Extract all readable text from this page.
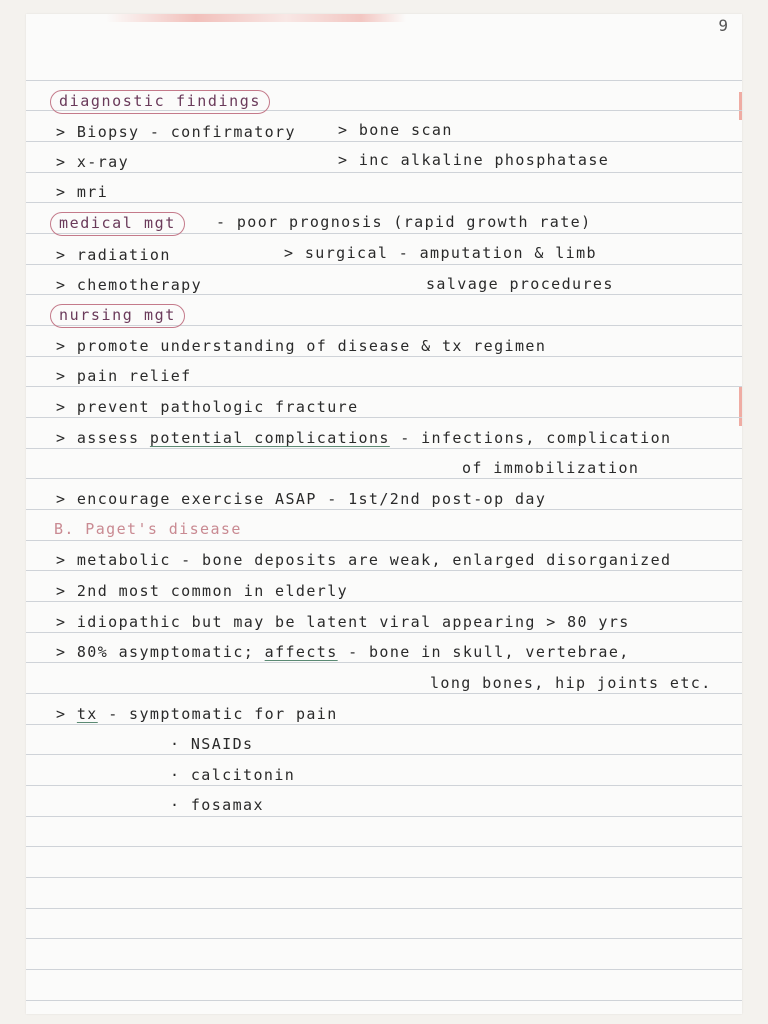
9
diagnostic findings
> Biopsy - confirmatory
> x-ray
> mri
> bone scan
> inc alkaline phosphatase
medical mgt	- poor prognosis (rapid growth rate)
> radiation
> chemotherapy
> surgical - amputation & limb
salvage procedures
nursing mgt
> promote understanding of disease & tx regimen
> pain relief
> prevent pathologic fracture
> assess potential complications - infections, complication
of immobilization
> encourage exercise ASAP - 1st/2nd post-op day
B. Paget's disease
> metabolic - bone deposits are weak, enlarged disorganized
> 2nd most common in elderly
> idiopathic but may be latent viral appearing > 80 yrs
> 80% asymptomatic; affects - bone in skull, vertebrae,
long bones, hip joints etc.
> tx - symptomatic for pain
· NSAIDs
· calcitonin
· fosamax
